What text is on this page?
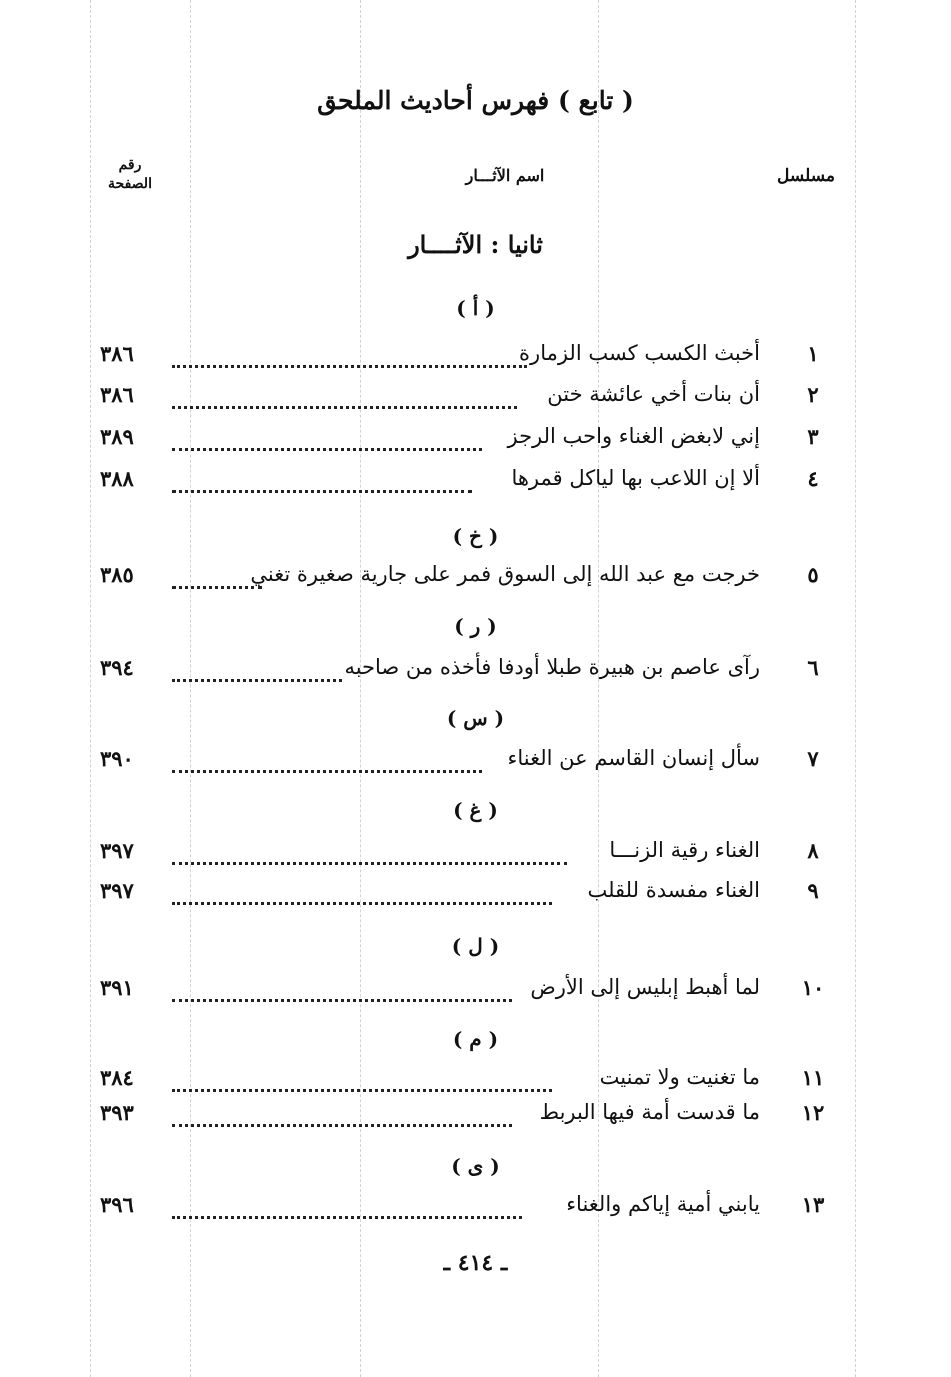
( تابع ) فهرس أحاديث الملحق
مسلسل
اسم الآثـــار
رقم
الصفحة
ثانيا : الآثــــار
( أ )
١
أخبث الكسب كسب الزمارة
٣٨٦
٢
أن بنات أخي عائشة ختن
٣٨٦
٣
إني لابغض الغناء واحب الرجز
٣٨٩
٤
ألا إن اللاعب بها لياكل قمرها
٣٨٨
( خ )
٥
خرجت مع عبد الله إلى السوق فمر على جارية صغيرة تغني
٣٨٥
( ر )
٦
رآى عاصم بن هبيرة طبلا أودفا فأخذه من صاحبه
٣٩٤
( س )
٧
سأل إنسان القاسم عن الغناء
٣٩٠
( غ )
٨
الغناء رقية الزنـــا
٣٩٧
٩
الغناء مفسدة للقلب
٣٩٧
( ل )
١٠
لما أهبط إبليس إلى الأرض
٣٩١
( م )
١١
ما تغنيت ولا تمنيت
٣٨٤
١٢
ما قدست أمة فيها البربط
٣٩٣
( ى )
١٣
يابني أمية إياكم والغناء
٣٩٦
ـ ٤١٤ ـ
